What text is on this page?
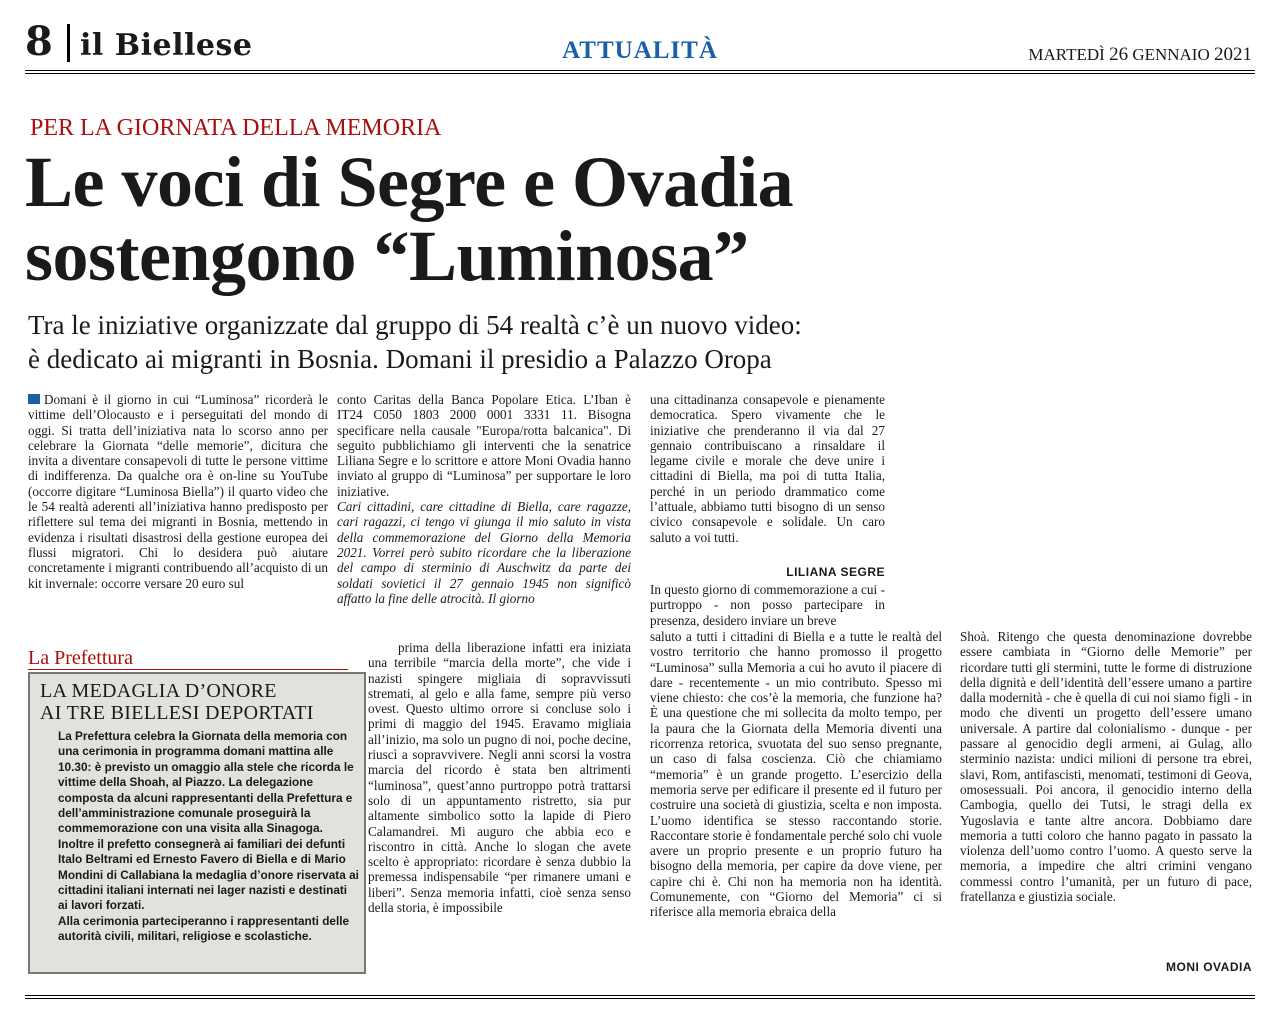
8 il Biellese	ATTUALITÀ	MARTEDÌ 26 GENNAIO 2021
PER LA GIORNATA DELLA MEMORIA
Le voci di Segre e Ovadia
sostengono “Luminosa”
Tra le iniziative organizzate dal gruppo di 54 realtà c’è un nuovo video:
è dedicato ai migranti in Bosnia. Domani il presidio a Palazzo Oropa

Domani è il giorno in cui “Luminosa” ricorderà le vittime dell’Olocausto e i perseguitati del mondo di oggi. Si tratta dell’iniziativa nata lo scorso anno per celebrare la Giornata “delle memorie”, dicitura che invita a diventare consapevoli di tutte le persone vittime di indifferenza. Da qualche ora è on-line su YouTube (occorre digitare “Luminosa Biella”) il quarto video che le 54 realtà aderenti all’iniziativa hanno predisposto per riflettere sul tema dei migranti in Bosnia, mettendo in evidenza i risultati disastrosi della gestione europea dei flussi migratori. Chi lo desidera può aiutare concretamente i migranti contribuendo all’acquisto di un kit invernale: occorre versare 20 euro sul

conto Caritas della Banca Popolare Etica. L’Iban è IT24 C050 1803 2000 0001 3331 11. Bisogna specificare nella causale "Europa/rotta balcanica". Di seguito pubblichiamo gli interventi che la senatrice Liliana Segre e lo scrittore e attore Moni Ovadia hanno inviato al gruppo di “Luminosa” per supportare le loro iniziative.

Cari cittadini, care cittadine di Biella, care ragazze, cari ragazzi, ci tengo vi giunga il mio saluto in vista della commemorazione del Giorno della Memoria 2021. Vorrei però subito ricordare che la liberazione del campo di sterminio di Auschwitz da parte dei soldati sovietici il 27 gennaio 1945 non significò affatto la fine delle atrocità. Il giorno

prima della liberazione infatti era iniziata una terribile “marcia della morte”, che vide i nazisti spingere migliaia di sopravvissuti stremati, al gelo e alla fame, sempre più verso ovest. Questo ultimo orrore si concluse solo i primi di maggio del 1945. Eravamo migliaia all’inizio, ma solo un pugno di noi, poche decine, riuscì a sopravvivere. Negli anni scorsi la vostra marcia del ricordo è stata ben altrimenti “luminosa”, quest’anno purtroppo potrà trattarsi solo di un appuntamento ristretto, sia pur altamente simbolico sotto la lapide di Piero Calamandrei. Mi auguro che abbia eco e riscontro in città. Anche lo slogan che avete scelto è appropriato: ricordare è senza dubbio la premessa indispensabile “per rimanere umani e liberi”. Senza memoria infatti, cioè senza senso della storia, è impossibile

una cittadinanza consapevole e pienamente democratica. Spero vivamente che le iniziative che prenderanno il via dal 27 gennaio contribuiscano a rinsaldare il legame civile e morale che deve unire i cittadini di Biella, ma poi di tutta Italia, perché in un periodo drammatico come l’attuale, abbiamo tutti bisogno di un senso civico consapevole e solidale. Un caro saluto a voi tutti.

LILIANA SEGRE

In questo giorno di commemorazione a cui - purtroppo - non posso partecipare in presenza, desidero inviare un breve

saluto a tutti i cittadini di Biella e a tutte le realtà del vostro territorio che hanno promosso il progetto “Luminosa” sulla Memoria a cui ho avuto il piacere di dare - recentemente - un mio contributo. Spesso mi viene chiesto: che cos’è la memoria, che funzione ha? È una questione che mi sollecita da molto tempo, per la paura che la Giornata della Memoria diventi una ricorrenza retorica, svuotata del suo senso pregnante, un caso di falsa coscienza. Ciò che chiamiamo “memoria” è un grande progetto. L’esercizio della memoria serve per edificare il presente ed il futuro per costruire una società di giustizia, scelta e non imposta. L’uomo identifica se stesso raccontando storie. Raccontare storie è fondamentale perché solo chi vuole avere un proprio presente e un proprio futuro ha bisogno della memoria, per capire da dove viene, per capire chi è. Chi non ha memoria non ha identità. Comunemente, con “Giorno del Memoria” ci si riferisce alla memoria ebraica della

Shoà. Ritengo che questa denominazione dovrebbe essere cambiata in “Giorno delle Memorie” per ricordare tutti gli stermini, tutte le forme di distruzione della dignità e dell’identità dell’essere umano a partire dalla modernità - che è quella di cui noi siamo figli - in modo che diventi un progetto dell’essere umano universale. A partire dal colonialismo - dunque - per passare al genocidio degli armeni, ai Gulag, allo sterminio nazista: undici milioni di persone tra ebrei, slavi, Rom, antifascisti, menomati, testimoni di Geova, omosessuali. Poi ancora, il genocidio interno della Cambogia, quello dei Tutsi, le stragi della ex Yugoslavia e tante altre ancora. Dobbiamo dare memoria a tutti coloro che hanno pagato in passato la violenza dell’uomo contro l’uomo. A questo serve la memoria, a impedire che altri crimini vengano commessi contro l’umanità, per un futuro di pace, fratellanza e giustizia sociale.

MONI OVADIA
La Prefettura
LA MEDAGLIA D’ONORE
AI TRE BIELLESI DEPORTATI

La Prefettura celebra la Giornata della memoria con una cerimonia in programma domani mattina alle 10.30: è previsto un omaggio alla stele che ricorda le vittime della Shoah, al Piazzo. La delegazione composta da alcuni rappresentanti della Prefettura e dell’amministrazione comunale proseguirà la commemorazione con una visita alla Sinagoga. Inoltre il prefetto consegnerà ai familiari dei defunti Italo Beltrami ed Ernesto Favero di Biella e di Mario Mondini di Callabiana la medaglia d’onore riservata ai cittadini italiani internati nei lager nazisti e destinati ai lavori forzati.

Alla cerimonia parteciperanno i rappresentanti delle autorità civili, militari, religiose e scolastiche.
